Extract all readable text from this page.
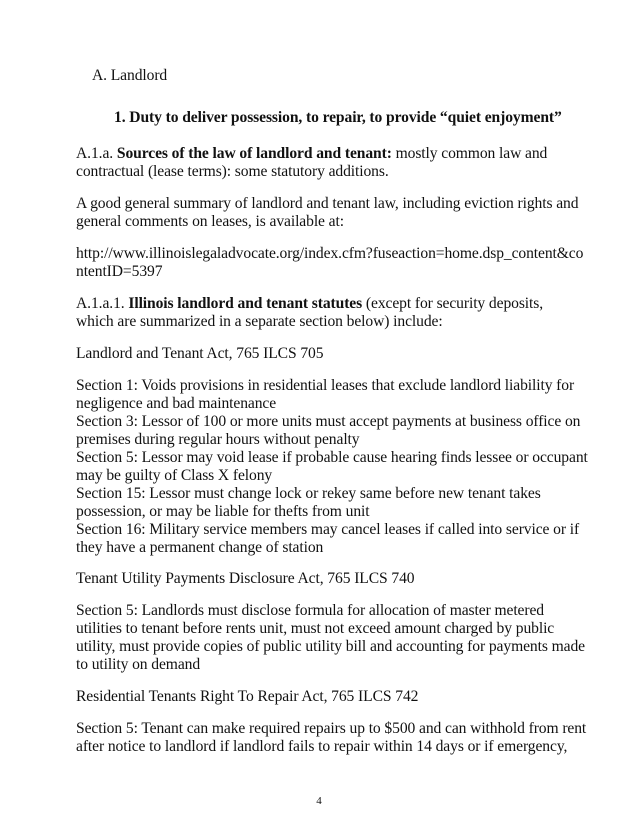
A. Landlord
1. Duty to deliver possession, to repair, to provide “quiet enjoyment”
A.1.a. Sources of the law of landlord and tenant: mostly common law and
contractual (lease terms): some statutory additions.
A good general summary of landlord and tenant law, including eviction rights and
general comments on leases, is available at:
http://www.illinoislegaladvocate.org/index.cfm?fuseaction=home.dsp_content&co
ntentID=5397
A.1.a.1. Illinois landlord and tenant statutes (except for security deposits,
which are summarized in a separate section below) include:
Landlord and Tenant Act, 765 ILCS 705
Section 1: Voids provisions in residential leases that exclude landlord liability for
negligence and bad maintenance
Section 3: Lessor of 100 or more units must accept payments at business office on
premises during regular hours without penalty
Section 5: Lessor may void lease if probable cause hearing finds lessee or occupant
may be guilty of Class X felony
Section 15: Lessor must change lock or rekey same before new tenant takes
possession, or may be liable for thefts from unit
Section 16: Military service members may cancel leases if called into service or if
they have a permanent change of station
Tenant Utility Payments Disclosure Act, 765 ILCS 740
Section 5: Landlords must disclose formula for allocation of master metered
utilities to tenant before rents unit, must not exceed amount charged by public
utility, must provide copies of public utility bill and accounting for payments made
to utility on demand
Residential Tenants Right To Repair Act, 765 ILCS 742
Section 5: Tenant can make required repairs up to $500 and can withhold from rent
after notice to landlord if landlord fails to repair within 14 days or if emergency,
4
